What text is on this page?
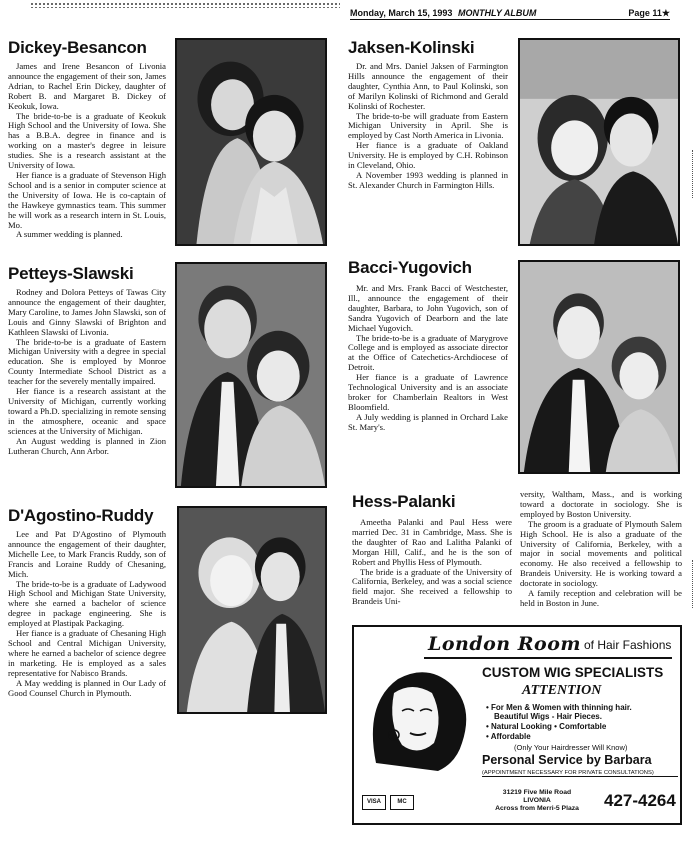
Monday, March 15, 1993 MONTHLY ALBUM	Page 11★
Dickey-Besancon

James and Irene Besancon of Livonia announce the engagement of their son, James Adrian, to Rachel Erin Dickey, daughter of Robert B. and Margaret B. Dickey of Keokuk, Iowa.

The bride-to-be is a graduate of Keokuk High School and the University of Iowa. She has a B.B.A. degree in finance and is working on a master's degree in leisure studies. She is a research assistant at the University of Iowa.

Her fiance is a graduate of Stevenson High School and is a senior in computer science at the University of Iowa. He is co-captain of the Hawkeye gymnastics team. This summer he will work as a research intern in St. Louis, Mo.

A summer wedding is planned.

Jaksen-Kolinski

Dr. and Mrs. Daniel Jaksen of Farmington Hills announce the engagement of their daughter, Cynthia Ann, to Paul Kolinski, son of Marilyn Kolinski of Richmond and Gerald Kolinski of Rochester.

The bride-to-be will graduate from Eastern Michigan University in April. She is employed by Cast North America in Livonia.

Her fiance is a graduate of Oakland University. He is employed by C.H. Robinson in Cleveland, Ohio.

A November 1993 wedding is planned in St. Alexander Church in Farmington Hills.

Petteys-Slawski

Rodney and Dolora Petteys of Tawas City announce the engagement of their daughter, Mary Caroline, to James John Slawski, son of Louis and Ginny Slawski of Brighton and Kathleen Slawski of Livonia.

The bride-to-be is a graduate of Eastern Michigan University with a degree in special education. She is employed by Monroe County Intermediate School District as a teacher for the severely mentally impaired.

Her fiance is a research assistant at the University of Michigan, currently working toward a Ph.D. specializing in remote sensing in the atmosphere, oceanic and space sciences at the University of Michigan.

An August wedding is planned in Zion Lutheran Church, Ann Arbor.

Bacci-Yugovich

Mr. and Mrs. Frank Bacci of Westchester, Ill., announce the engagement of their daughter, Barbara, to John Yugovich, son of Sandra Yugovich of Dearborn and the late Michael Yugovich.

The bride-to-be is a graduate of Marygrove College and is employed as associate director at the Office of Catechetics-Archdiocese of Detroit.

Her fiance is a graduate of Lawrence Technological University and is an associate broker for Chamberlain Realtors in West Bloomfield.

A July wedding is planned in Orchard Lake St. Mary's.

D'Agostino-Ruddy

Lee and Pat D'Agostino of Plymouth announce the engagement of their daughter, Michelle Lee, to Mark Francis Ruddy, son of Francis and Loraine Ruddy of Chesaning, Mich.

The bride-to-be is a graduate of Ladywood High School and Michigan State University, where she earned a bachelor of science degree in package engineering. She is employed at Plastipak Packaging.

Her fiance is a graduate of Chesaning High School and Central Michigan University, where he earned a bachelor of science degree in marketing. He is employed as a sales representative for Nabisco Brands.

A May wedding is planned in Our Lady of Good Counsel Church in Plymouth.

Hess-Palanki

Ameetha Palanki and Paul Hess were married Dec. 31 in Cambridge, Mass. She is the daughter of Rao and Lalitha Palanki of Morgan Hill, Calif., and he is the son of Robert and Phyllis Hess of Plymouth.

The bride is a graduate of the University of California, Berkeley, and was a social science field major. She received a fellowship to Brandeis Uni-

versity, Waltham, Mass., and is working toward a doctorate in sociology. She is employed by Boston University.

The groom is a graduate of Plymouth Salem High School. He is also a graduate of the University of California, Berkeley, with a major in social movements and political economy. He also received a fellowship to Brandeis University. He is working toward a doctorate in sociology.

A family reception and celebration will be held in Boston in June.

London Room of Hair Fashions
CUSTOM WIG SPECIALISTS
ATTENTION
• For Men & Women with thinning hair.
Beautiful Wigs - Hair Pieces.
• Natural Looking • Comfortable
• Affordable
(Only Your Hairdresser Will Know)
Personal Service by Barbara
(APPOINTMENT NECESSARY FOR PRIVATE CONSULTATIONS)
VISA	MC
31219 Five Mile Road
LIVONIA
Across from Merri-5 Plaza	427-4264
